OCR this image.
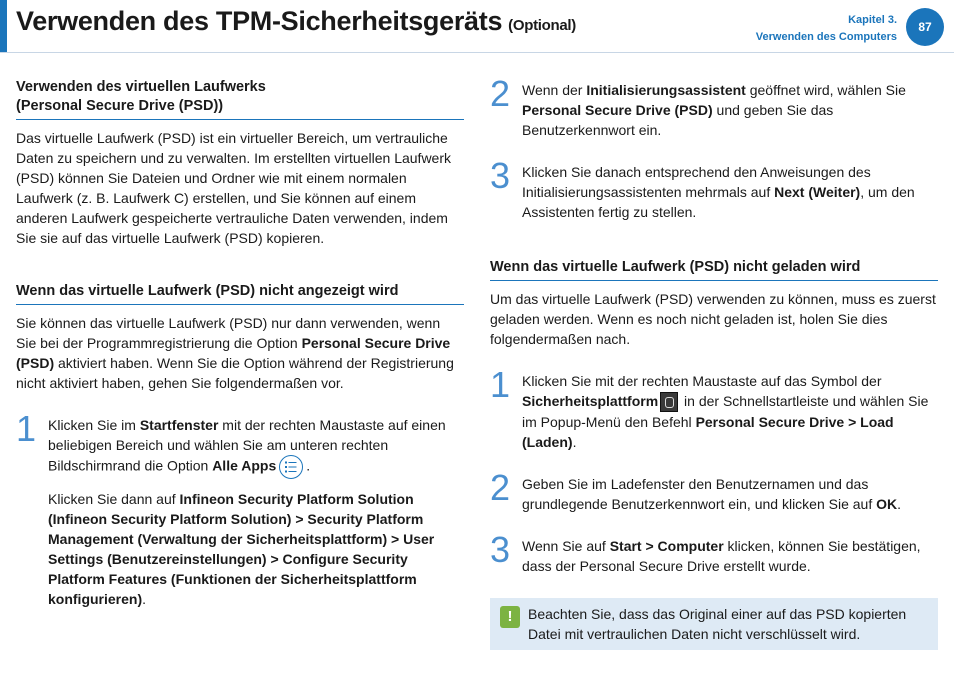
Verwenden des TPM-Sicherheitsgeräts (Optional)	Kapitel 3.
Verwenden des Computers
87
Verwenden des virtuellen Laufwerks
(Personal Secure Drive (PSD))

Das virtuelle Laufwerk (PSD) ist ein virtueller Bereich, um vertrauliche Daten zu speichern und zu verwalten. Im erstellten virtuellen Laufwerk (PSD) können Sie Dateien und Ordner wie mit einem normalen Laufwerk (z. B. Laufwerk C) erstellen, und Sie können auf einem anderen Laufwerk gespeicherte vertrauliche Daten verwenden, indem Sie sie auf das virtuelle Laufwerk (PSD) kopieren.

Wenn das virtuelle Laufwerk (PSD) nicht angezeigt wird

Sie können das virtuelle Laufwerk (PSD) nur dann verwenden, wenn Sie bei der Programmregistrierung die Option Personal Secure Drive (PSD) aktiviert haben. Wenn Sie die Option während der Registrierung nicht aktiviert haben, gehen Sie folgendermaßen vor.

1 Klicken Sie im Startfenster mit der rechten Maustaste auf einen beliebigen Bereich und wählen Sie am unteren rechten Bildschirmrand die Option Alle Apps .

Klicken Sie dann auf Infineon Security Platform Solution (Infineon Security Platform Solution) > Security Platform Management (Verwaltung der Sicherheitsplattform) > User Settings (Benutzereinstellungen) > Configure Security Platform Features (Funktionen der Sicherheitsplattform konfigurieren).

2 Wenn der Initialisierungsassistent geöffnet wird, wählen Sie Personal Secure Drive (PSD) und geben Sie das Benutzerkennwort ein.

3 Klicken Sie danach entsprechend den Anweisungen des Initialisierungsassistenten mehrmals auf Next (Weiter), um den Assistenten fertig zu stellen.

Wenn das virtuelle Laufwerk (PSD) nicht geladen wird

Um das virtuelle Laufwerk (PSD) verwenden zu können, muss es zuerst geladen werden. Wenn es noch nicht geladen ist, holen Sie dies folgendermaßen nach.

1 Klicken Sie mit der rechten Maustaste auf das Symbol der Sicherheitsplattform in der Schnellstartleiste und wählen Sie im Popup-Menü den Befehl Personal Secure Drive > Load (Laden).

2 Geben Sie im Ladefenster den Benutzernamen und das grundlegende Benutzerkennwort ein, und klicken Sie auf OK.

3 Wenn Sie auf Start > Computer klicken, können Sie bestätigen, dass der Personal Secure Drive erstellt wurde.

!	Beachten Sie, dass das Original einer auf das PSD kopierten Datei mit vertraulichen Daten nicht verschlüsselt wird.
